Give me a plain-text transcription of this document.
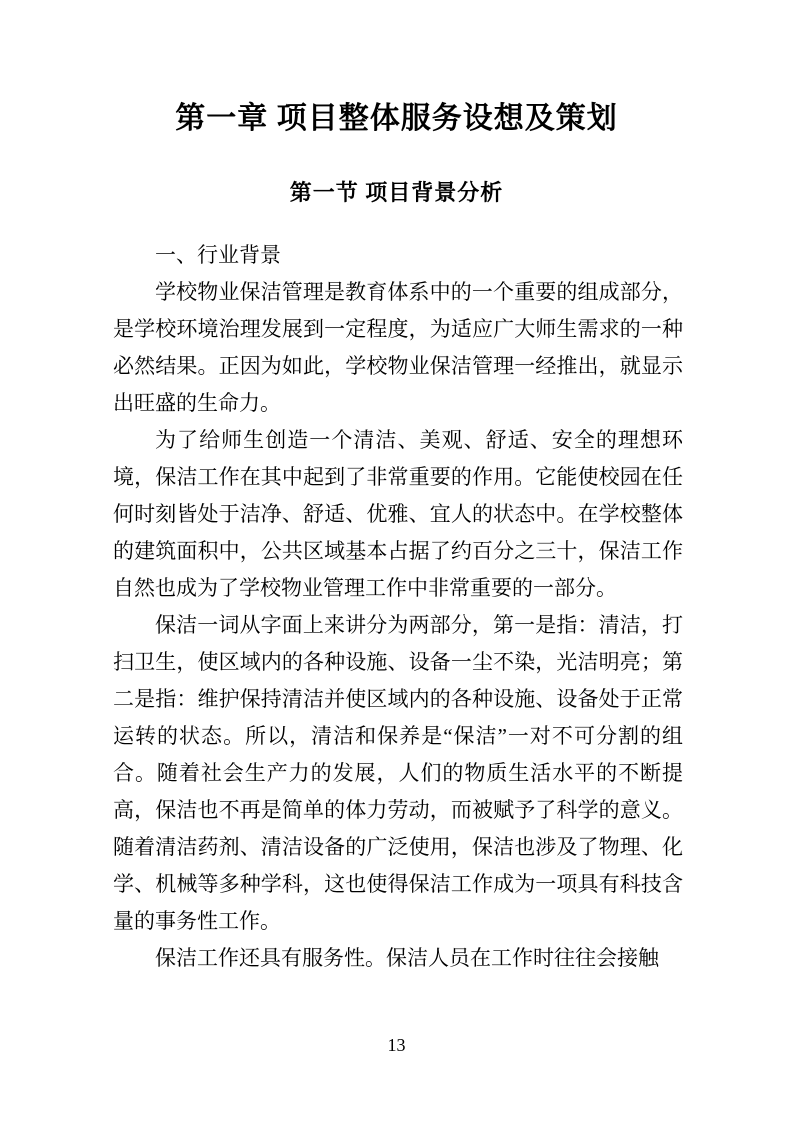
第一章 项目整体服务设想及策划
第一节 项目背景分析
一、行业背景

学校物业保洁管理是教育体系中的一个重要的组成部分，是学校环境治理发展到一定程度，为适应广大师生需求的一种必然结果。正因为如此，学校物业保洁管理一经推出，就显示出旺盛的生命力。

为了给师生创造一个清洁、美观、舒适、安全的理想环境，保洁工作在其中起到了非常重要的作用。它能使校园在任何时刻皆处于洁净、舒适、优雅、宜人的状态中。在学校整体的建筑面积中，公共区域基本占据了约百分之三十，保洁工作自然也成为了学校物业管理工作中非常重要的一部分。

保洁一词从字面上来讲分为两部分，第一是指：清洁，打扫卫生，使区域内的各种设施、设备一尘不染，光洁明亮；第二是指：维护保持清洁并使区域内的各种设施、设备处于正常运转的状态。所以，清洁和保养是“保洁”一对不可分割的组合。随着社会生产力的发展，人们的物质生活水平的不断提高，保洁也不再是简单的体力劳动，而被赋予了科学的意义。随着清洁药剂、清洁设备的广泛使用，保洁也涉及了物理、化学、机械等多种学科，这也使得保洁工作成为一项具有科技含量的事务性工作。

保洁工作还具有服务性。保洁人员在工作时往往会接触

13
